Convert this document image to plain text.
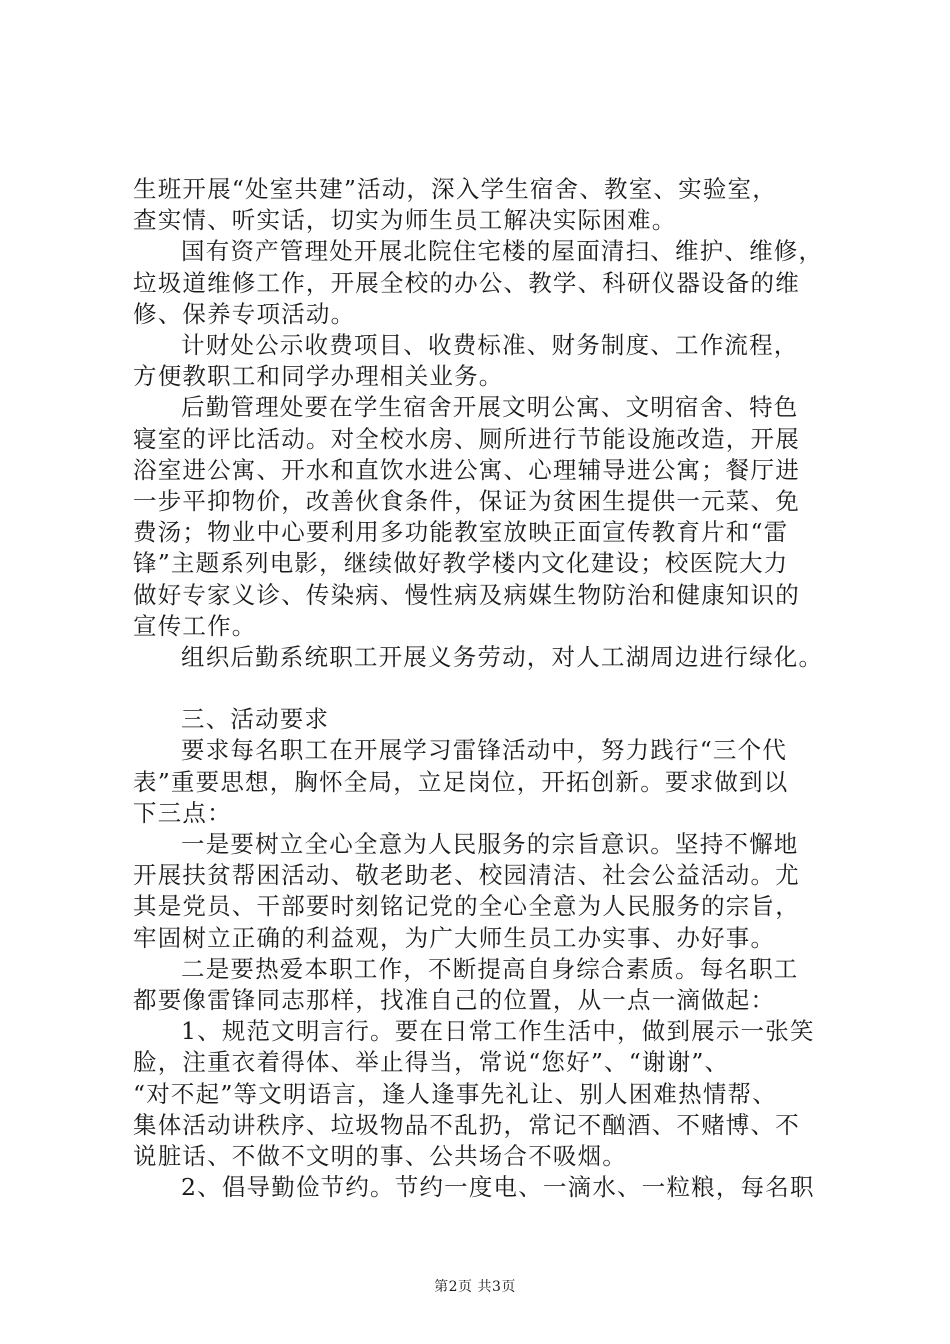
生班开展“处室共建”活动，深入学生宿舍、教室、实验室，
查实情、听实话，切实为师生员工解决实际困难。
国有资产管理处开展北院住宅楼的屋面清扫、维护、维修，
垃圾道维修工作，开展全校的办公、教学、科研仪器设备的维
修、保养专项活动。
计财处公示收费项目、收费标准、财务制度、工作流程，
方便教职工和同学办理相关业务。
后勤管理处要在学生宿舍开展文明公寓、文明宿舍、特色
寝室的评比活动。对全校水房、厕所进行节能设施改造，开展
浴室进公寓、开水和直饮水进公寓、心理辅导进公寓；餐厅进
一步平抑物价，改善伙食条件，保证为贫困生提供一元菜、免
费汤；物业中心要利用多功能教室放映正面宣传教育片和“雷
锋”主题系列电影，继续做好教学楼内文化建设；校医院大力
做好专家义诊、传染病、慢性病及病媒生物防治和健康知识的
宣传工作。
组织后勤系统职工开展义务劳动，对人工湖周边进行绿化。
三、活动要求
要求每名职工在开展学习雷锋活动中，努力践行“三个代
表”重要思想，胸怀全局，立足岗位，开拓创新。要求做到以
下三点：
一是要树立全心全意为人民服务的宗旨意识。坚持不懈地
开展扶贫帮困活动、敬老助老、校园清洁、社会公益活动。尤
其是党员、干部要时刻铭记党的全心全意为人民服务的宗旨，
牢固树立正确的利益观，为广大师生员工办实事、办好事。
二是要热爱本职工作，不断提高自身综合素质。每名职工
都要像雷锋同志那样，找准自己的位置，从一点一滴做起：
1、规范文明言行。要在日常工作生活中，做到展示一张笑
脸，注重衣着得体、举止得当，常说“您好”、“谢谢”、
“对不起”等文明语言，逢人逢事先礼让、别人困难热情帮、
集体活动讲秩序、垃圾物品不乱扔，常记不酗酒、不赌博、不
说脏话、不做不文明的事、公共场合不吸烟。
2、倡导勤俭节约。节约一度电、一滴水、一粒粮，每名职
第2页 共3页
